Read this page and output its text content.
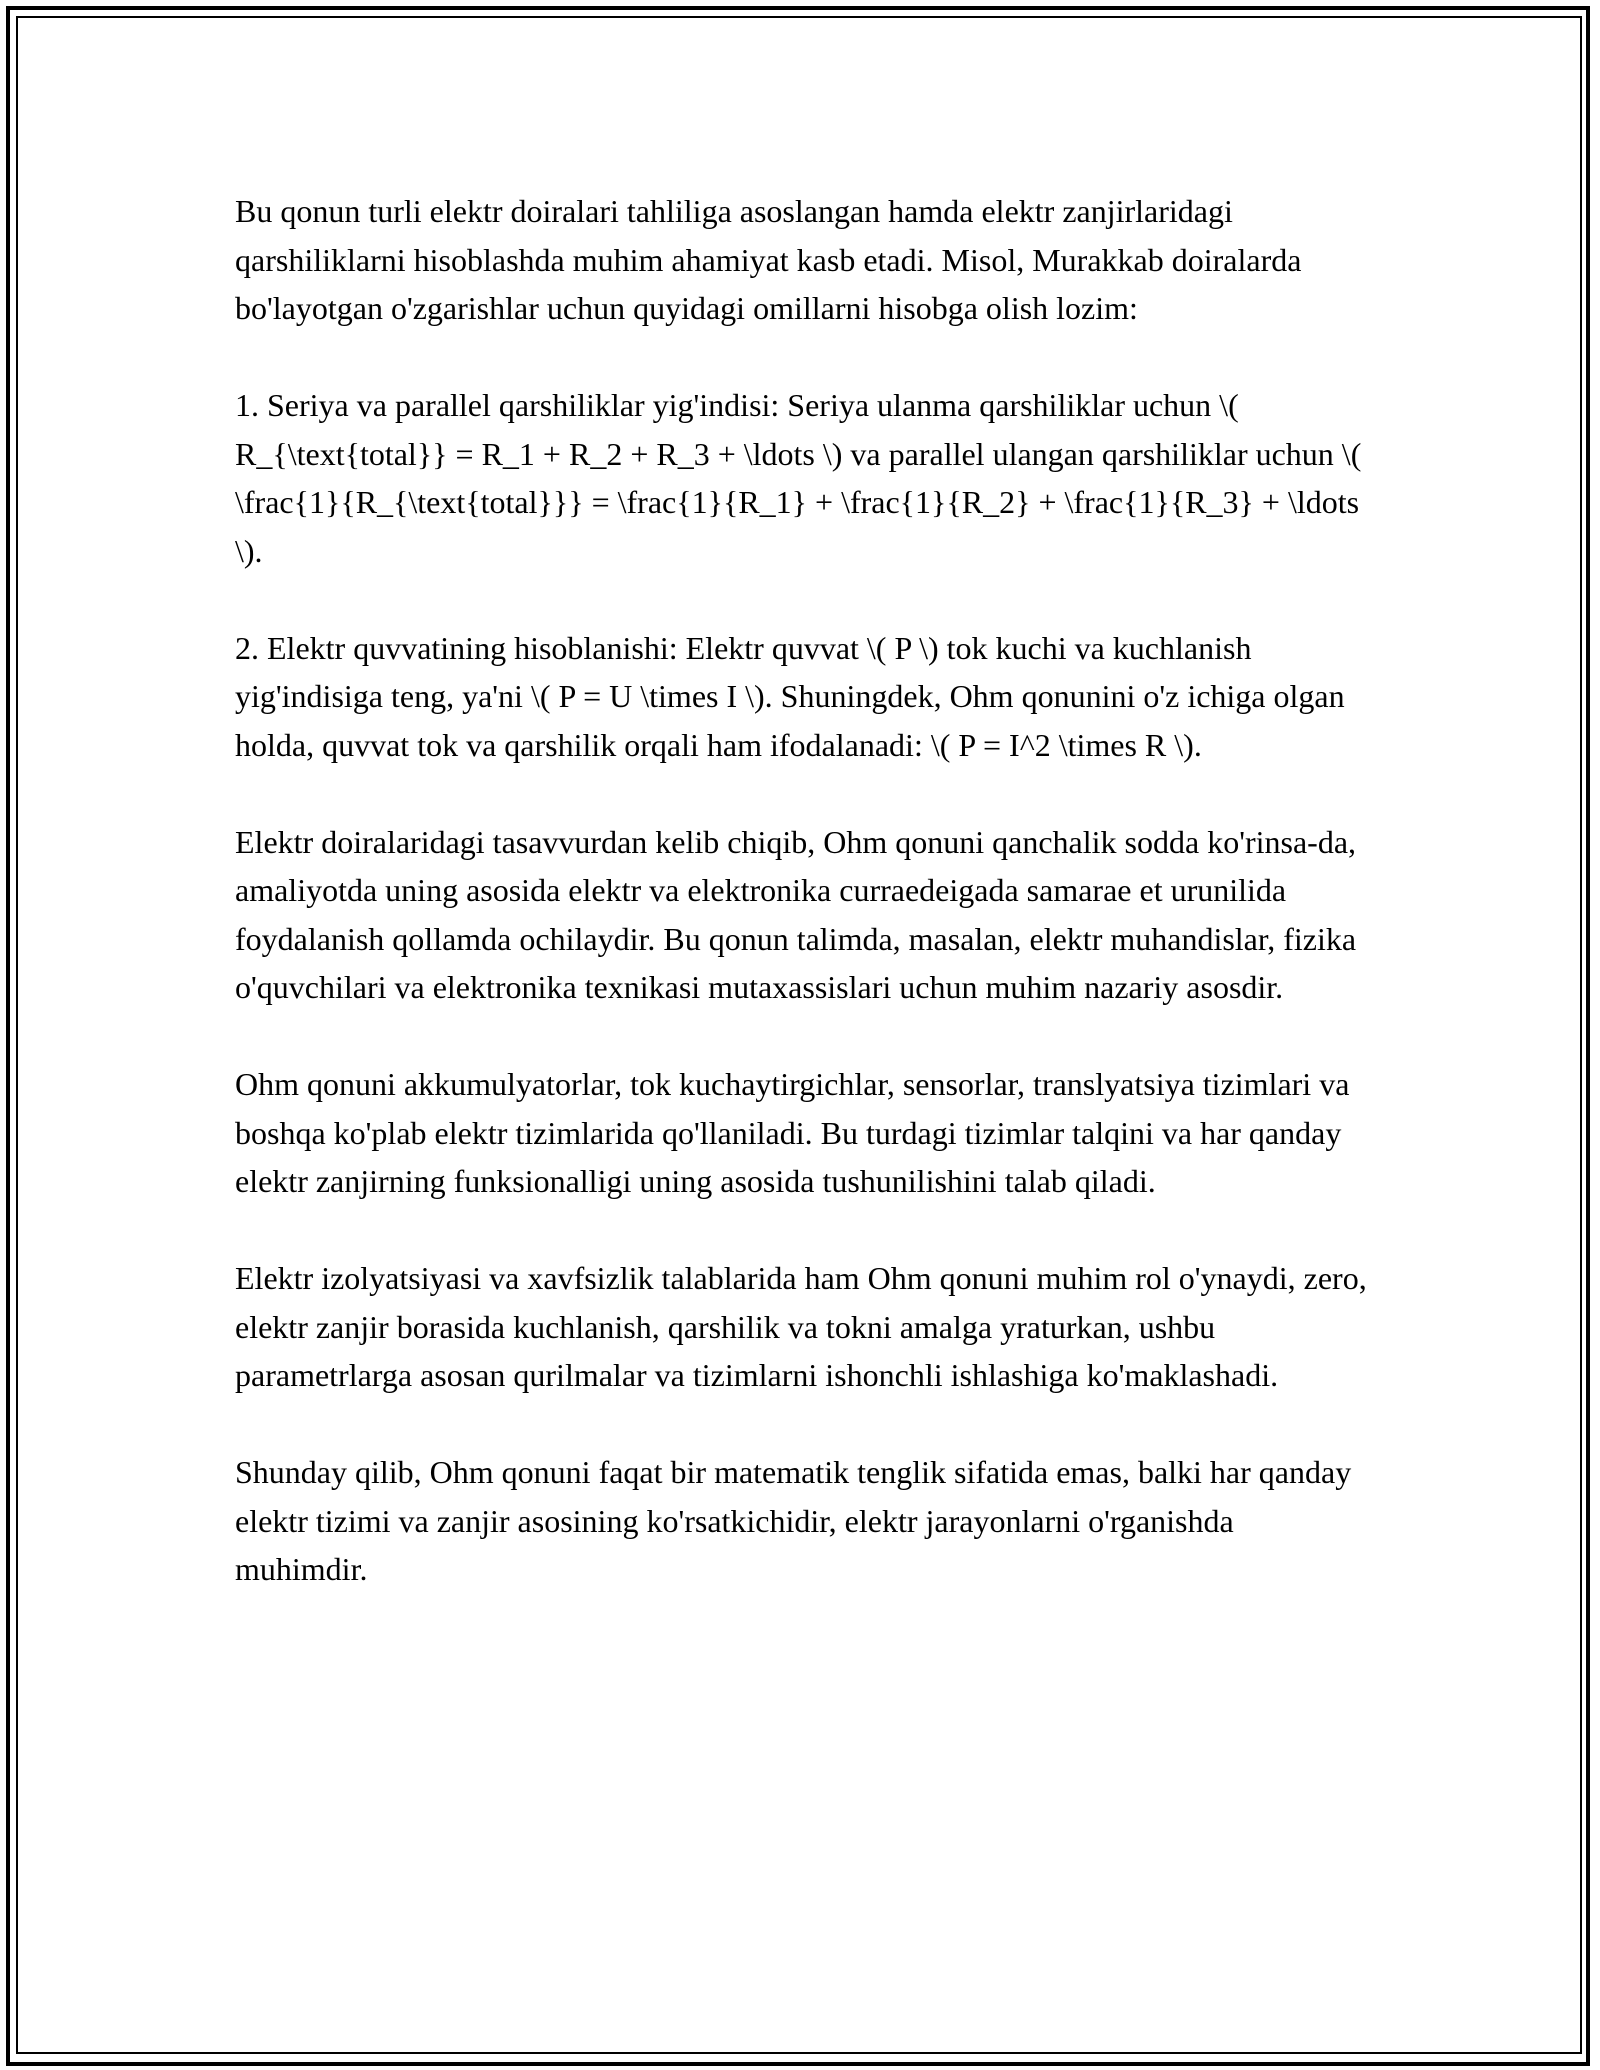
Bu qonun turli elektr doiralari tahliliga asoslangan hamda elektr zanjirlaridagi qarshiliklarni hisoblashda muhim ahamiyat kasb etadi. Misol, Murakkab doiralarda bo'layotgan o'zgarishlar uchun quyidagi omillarni hisobga olish lozim:

1. Seriya va parallel qarshiliklar yig'indisi: Seriya ulanma qarshiliklar uchun \( R_{\text{total}} = R_1 + R_2 + R_3 + \ldots \) va parallel ulangan qarshiliklar uchun \( \frac{1}{R_{\text{total}}} = \frac{1}{R_1} + \frac{1}{R_2} + \frac{1}{R_3} + \ldots \).

2. Elektr quvvatining hisoblanishi: Elektr quvvat \( P \) tok kuchi va kuchlanish yig'indisiga teng, ya'ni \( P = U \times I \). Shuningdek, Ohm qonunini o'z ichiga olgan holda, quvvat tok va qarshilik orqali ham ifodalanadi: \( P = I^2 \times R \).

Elektr doiralaridagi tasavvurdan kelib chiqib, Ohm qonuni qanchalik sodda ko'rinsa-da, amaliyotda uning asosida elektr va elektronika curraedeigada samarae et urunilida foydalanish qollamda ochilaydir. Bu qonun talimda, masalan, elektr muhandislar, fizika o'quvchilari va elektronika texnikasi mutaxassislari uchun muhim nazariy asosdir.

Ohm qonuni akkumulyatorlar, tok kuchaytirgichlar, sensorlar, translyatsiya tizimlari va boshqa ko'plab elektr tizimlarida qo'llaniladi. Bu turdagi tizimlar talqini va har qanday elektr zanjirning funksionalligi uning asosida tushunilishini talab qiladi.

Elektr izolyatsiyasi va xavfsizlik talablarida ham Ohm qonuni muhim rol o'ynaydi, zero, elektr zanjir borasida kuchlanish, qarshilik va tokni amalga yraturkan, ushbu parametrlarga asosan qurilmalar va tizimlarni ishonchli ishlashiga ko'maklashadi.

Shunday qilib, Ohm qonuni faqat bir matematik tenglik sifatida emas, balki har qanday elektr tizimi va zanjir asosining ko'rsatkichidir, elektr jarayonlarni o'rganishda muhimdir.
